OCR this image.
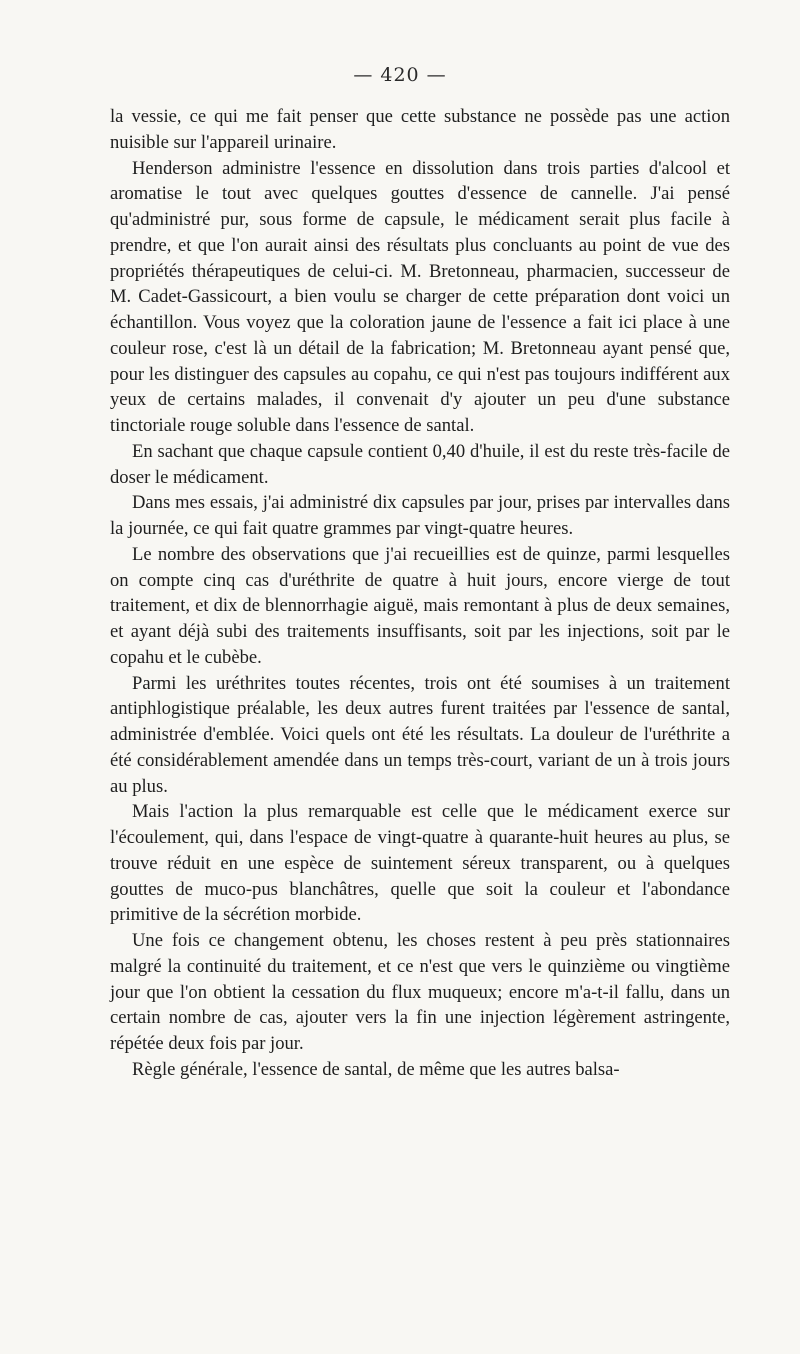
— 420 —

la vessie, ce qui me fait penser que cette substance ne possède pas une action nuisible sur l'appareil urinaire.

Henderson administre l'essence en dissolution dans trois parties d'alcool et aromatise le tout avec quelques gouttes d'essence de cannelle. J'ai pensé qu'administré pur, sous forme de capsule, le médicament serait plus facile à prendre, et que l'on aurait ainsi des résultats plus concluants au point de vue des propriétés thérapeutiques de celui-ci. M. Bretonneau, pharmacien, successeur de M. Cadet-Gassicourt, a bien voulu se charger de cette préparation dont voici un échantillon. Vous voyez que la coloration jaune de l'essence a fait ici place à une couleur rose, c'est là un détail de la fabrication; M. Bretonneau ayant pensé que, pour les distinguer des capsules au copahu, ce qui n'est pas toujours indifférent aux yeux de certains malades, il convenait d'y ajouter un peu d'une substance tinctoriale rouge soluble dans l'essence de santal.

En sachant que chaque capsule contient 0,40 d'huile, il est du reste très-facile de doser le médicament.

Dans mes essais, j'ai administré dix capsules par jour, prises par intervalles dans la journée, ce qui fait quatre grammes par vingt-quatre heures.

Le nombre des observations que j'ai recueillies est de quinze, parmi lesquelles on compte cinq cas d'uréthrite de quatre à huit jours, encore vierge de tout traitement, et dix de blennorrhagie aiguë, mais remontant à plus de deux semaines, et ayant déjà subi des traitements insuffisants, soit par les injections, soit par le copahu et le cubèbe.

Parmi les uréthrites toutes récentes, trois ont été soumises à un traitement antiphlogistique préalable, les deux autres furent traitées par l'essence de santal, administrée d'emblée. Voici quels ont été les résultats. La douleur de l'uréthrite a été considérablement amendée dans un temps très-court, variant de un à trois jours au plus.

Mais l'action la plus remarquable est celle que le médicament exerce sur l'écoulement, qui, dans l'espace de vingt-quatre à quarante-huit heures au plus, se trouve réduit en une espèce de suintement séreux transparent, ou à quelques gouttes de muco-pus blanchâtres, quelle que soit la couleur et l'abondance primitive de la sécrétion morbide.

Une fois ce changement obtenu, les choses restent à peu près stationnaires malgré la continuité du traitement, et ce n'est que vers le quinzième ou vingtième jour que l'on obtient la cessation du flux muqueux; encore m'a-t-il fallu, dans un certain nombre de cas, ajouter vers la fin une injection légèrement astringente, répétée deux fois par jour.

Règle générale, l'essence de santal, de même que les autres balsa-
